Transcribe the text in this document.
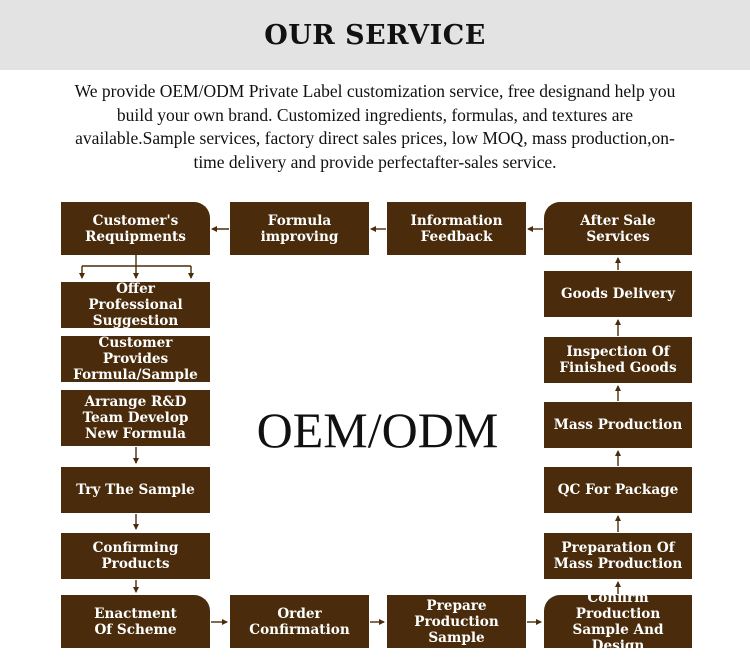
OUR SERVICE
We provide OEM/ODM Private Label customization service, free designand help you build your own brand. Customized ingredients, formulas, and textures are available.Sample services, factory direct sales prices, low MOQ, mass production,on-time delivery and provide perfectafter-sales service.
Customer's
Requipments
Formula
improving
Information
Feedback
After Sale Services
Offer Professional
Suggestion
Customer Provides
Formula/Sample
Arrange R&D
Team Develop
New Formula
Try The Sample
Confirming
Products
Enactment
Of Scheme
Order
Confirmation
Prepare
Production
Sample
Confirm Production
Sample And Design
Goods Delivery
Inspection Of
Finished Goods
Mass Production
QC For Package
Preparation Of
Mass Production
OEM/ODM
